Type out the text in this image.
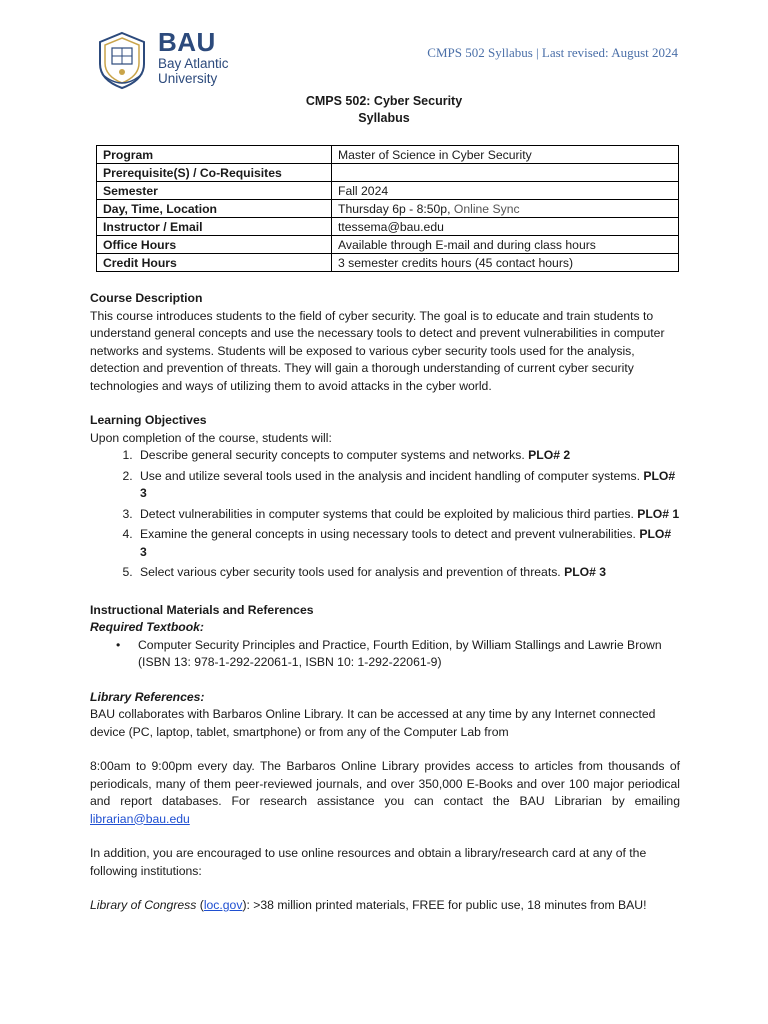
BAU
Bay Atlantic
University
CMPS 502 Syllabus | Last revised: August 2024
CMPS 502: Cyber Security
Syllabus
Program	Master of Science in Cyber Security
Prerequisite(S) / Co-Requisites	
Semester	Fall 2024
Day, Time, Location	Thursday 6p - 8:50p, Online Sync
Instructor / Email	ttessema@bau.edu
Office Hours	Available through E-mail and during class hours
Credit Hours	3 semester credits hours (45 contact hours)
Course Description

This course introduces students to the field of cyber security. The goal is to educate and train students to understand general concepts and use the necessary tools to detect and prevent vulnerabilities in computer networks and systems. Students will be exposed to various cyber security tools used for the analysis, detection and prevention of threats. They will gain a thorough understanding of current cyber security technologies and ways of utilizing them to avoid attacks in the cyber world.

Learning Objectives

Upon completion of the course, students will:

1. Describe general security concepts to computer systems and networks. PLO# 2
2. Use and utilize several tools used in the analysis and incident handling of computer systems. PLO# 3
3. Detect vulnerabilities in computer systems that could be exploited by malicious third parties. PLO# 1
4. Examine the general concepts in using necessary tools to detect and prevent vulnerabilities. PLO# 3
5. Select various cyber security tools used for analysis and prevention of threats. PLO# 3
Instructional Materials and References
Required Textbook:
• Computer Security Principles and Practice, Fourth Edition, by William Stallings and Lawrie Brown (ISBN 13: 978-1-292-22061-1, ISBN 10: 1-292-22061-9)
Library References:

BAU collaborates with Barbaros Online Library. It can be accessed at any time by any Internet connected device (PC, laptop, tablet, smartphone) or from any of the Computer Lab from

8:00am to 9:00pm every day. The Barbaros Online Library provides access to articles from thousands of periodicals, many of them peer-reviewed journals, and over 350,000 E-Books and over 100 major periodical and report databases. For research assistance you can contact the BAU Librarian by emailing librarian@bau.edu

In addition, you are encouraged to use online resources and obtain a library/research card at any of the following institutions:

Library of Congress (loc.gov): >38 million printed materials, FREE for public use, 18 minutes from BAU!
